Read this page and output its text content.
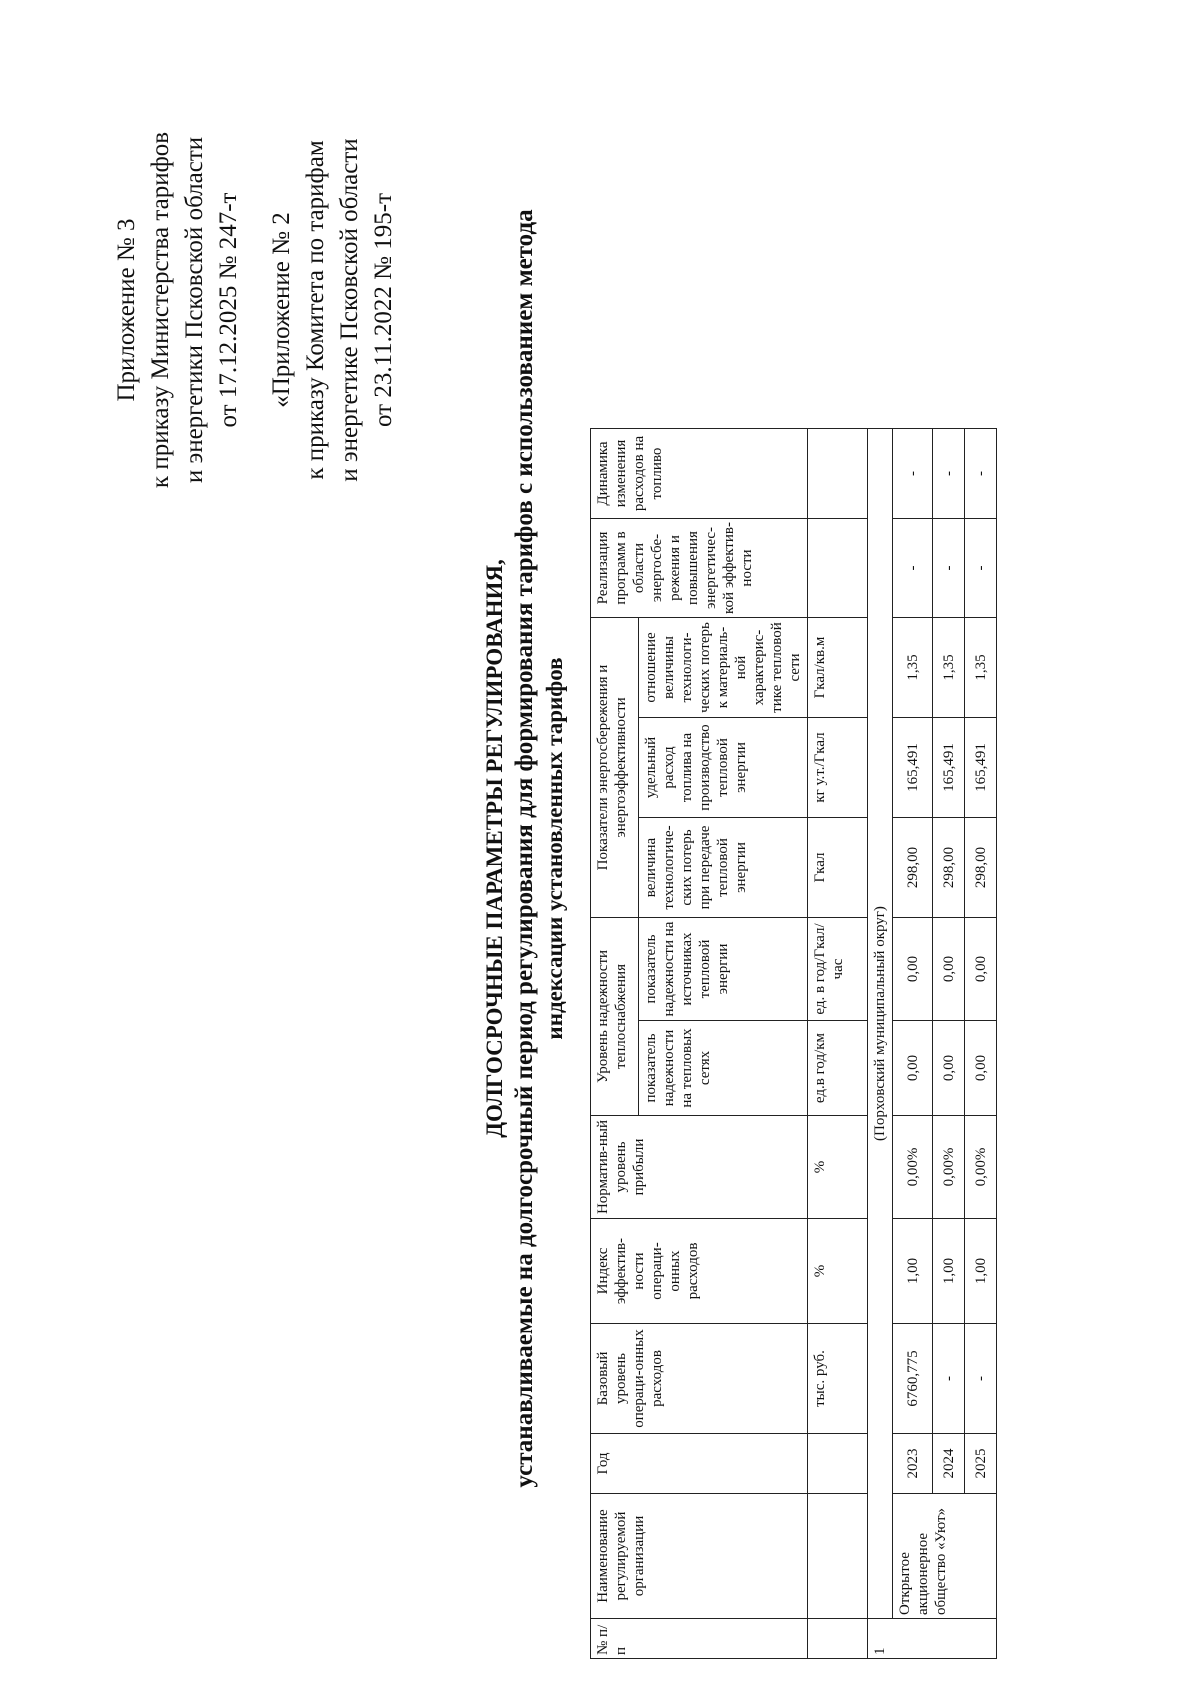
Приложение № 3 к приказу Министерства тарифов и энергетики Псковской области от 17.12.2025 № 247-т «Приложение № 2 к приказу Комитета по тарифам и энергетике Псковской области от 23.11.2022 № 195-т
ДОЛГОСРОЧНЫЕ ПАРАМЕТРЫ РЕГУЛИРОВАНИЯ, устанавливаемые на долгосрочный период регулирования для формирования тарифов с использованием метода индексации установленных тарифов
№ п/п	Наименование регулируемой организации	Год	Базовый уровень операци-онных расходов	Индекс эффектив-ности операци-онных расходов	Норматив-ный уровень прибыли	Уровень надежности теплоснабжения		Показатели энергосбережения и энергоэффективности			Реализация программ в области энергосбе-режения и повышения энергетичес-кой эффектив-ности	Динамика изменения расходов на топливо
						показатель надежности на тепловых сетях	показатель надежности на источниках тепловой энергии	величина технологиче-ских потерь при передаче тепловой энергии	удельный расход топлива на производство тепловой энергии	отношение величины технологи-ческих потерь к материаль-ной характерис-тике тепловой сети		
			тыс. руб.	%	%	ед.в год/км	ед. в год/Гкал/час	Гкал	кг у.т./Гкал	Гкал/кв.м		
1	(Порховский муниципальный округ)											
	Открытое акционерное общество «Уют»	2023	6760,775	1,00	0,00%	0,00	0,00	298,00	165,491	1,35	-	-
		2024	-	1,00	0,00%	0,00	0,00	298,00	165,491	1,35	-	-
		2025	-	1,00	0,00%	0,00	0,00	298,00	165,491	1,35	-	-
